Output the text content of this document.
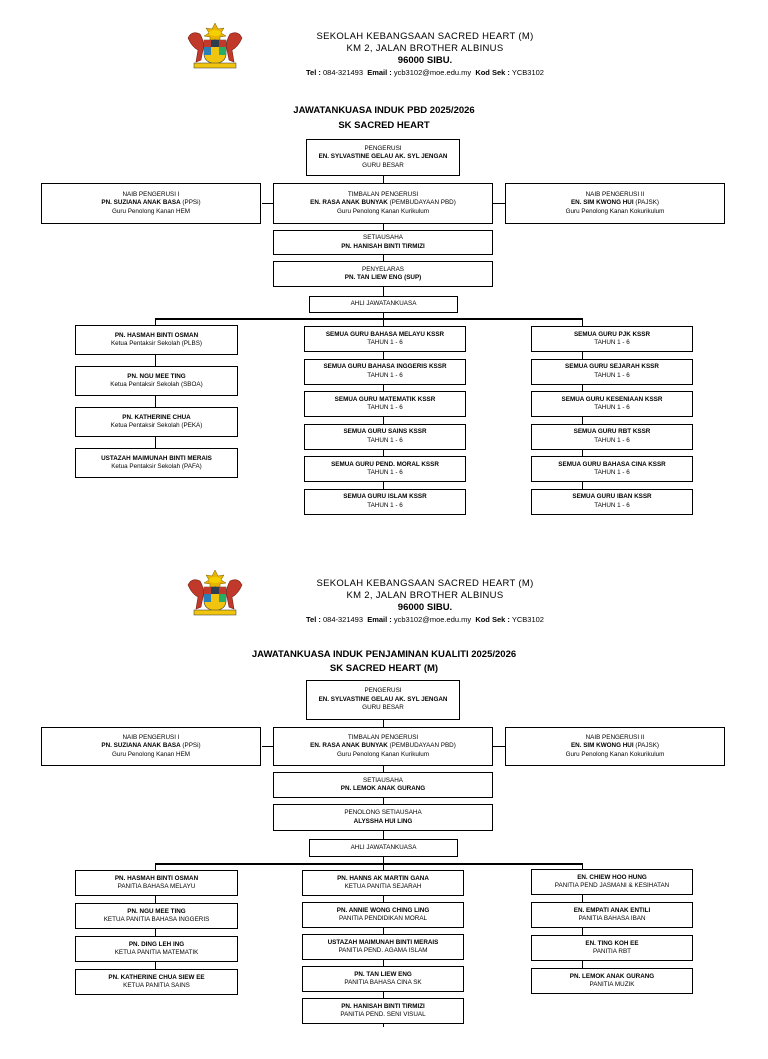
SEKOLAH KEBANGSAAN SACRED HEART (M)
KM 2, JALAN BROTHER ALBINUS
96000 SIBU.
Tel : 084-321493 Email : ycb3102@moe.edu.my Kod Sek : YCB3102
JAWATANKUASA INDUK PBD 2025/2026
SK SACRED HEART
PENGERUSI
EN. SYLVASTINE GELAU AK. SYL JENGAN
GURU BESAR
NAIB PENGERUSI I
PN. SUZIANA ANAK BASA (PPSi)
Guru Penolong Kanan HEM
TIMBALAN PENGERUSI
EN. RASA ANAK BUNYAK (PEMBUDAYAAN PBD)
Guru Penolong Kanan Kurikulum
NAIB PENGERUSI II
EN. SIM KWONG HUI (PAJSK)
Guru Penolong Kanan Kokurikulum
SETIAUSAHA
PN. HANISAH BINTI TIRMIZI
PENYELARAS
PN. TAN LIEW ENG (SUP)
AHLI JAWATANKUASA
PN. HASMAH BINTI OSMAN
Ketua Pentaksir Sekolah (PLBS)
PN. NGU MEE TING
Ketua Pentaksir Sekolah (SBOA)
PN. KATHERINE CHUA
Ketua Pentaksir Sekolah (PEKA)
USTAZAH MAIMUNAH BINTI MERAIS
Ketua Pentaksir Sekolah (PAFA)
SEMUA GURU BAHASA MELAYU KSSR
TAHUN 1 - 6
SEMUA GURU BAHASA INGGERIS KSSR
TAHUN 1 - 6
SEMUA GURU MATEMATIK KSSR
TAHUN 1 - 6
SEMUA GURU SAINS KSSR
TAHUN 1 - 6
SEMUA GURU PEND. MORAL KSSR
TAHUN 1 - 6
SEMUA GURU ISLAM KSSR
TAHUN 1 - 6
SEMUA GURU PJK KSSR
TAHUN 1 - 6
SEMUA GURU SEJARAH KSSR
TAHUN 1 - 6
SEMUA GURU KESENIAAN KSSR
TAHUN 1 - 6
SEMUA GURU RBT KSSR
TAHUN 1 - 6
SEMUA GURU BAHASA CINA KSSR
TAHUN 1 - 6
SEMUA GURU IBAN KSSR
TAHUN 1 - 6
SEKOLAH KEBANGSAAN SACRED HEART (M)
KM 2, JALAN BROTHER ALBINUS
96000 SIBU.
Tel : 084-321493 Email : ycb3102@moe.edu.my Kod Sek : YCB3102
JAWATANKUASA INDUK PENJAMINAN KUALITI 2025/2026
SK SACRED HEART (M)
PENGERUSI
EN. SYLVASTINE GELAU AK. SYL JENGAN
GURU BESAR
NAIB PENGERUSI I
PN. SUZIANA ANAK BASA (PPSi)
Guru Penolong Kanan HEM
TIMBALAN PENGERUSI
EN. RASA ANAK BUNYAK (PEMBUDAYAAN PBD)
Guru Penolong Kanan Kurikulum
NAIB PENGERUSI II
EN. SIM KWONG HUI (PAJSK)
Guru Penolong Kanan Kokurikulum
SETIAUSAHA
PN. LEMOK ANAK GURANG
PENOLONG SETIAUSAHA
ALYSSHA HUI LING
AHLI JAWATANKUASA
PN. HASMAH BINTI OSMAN
PANITIA BAHASA MELAYU
PN. NGU MEE TING
KETUA PANITIA BAHASA INGGERIS
PN. DING LEH ING
KETUA PANITIA MATEMATIK
PN. KATHERINE CHUA SIEW EE
KETUA PANITIA SAINS
PN. HANNS AK MARTIN GANA
KETUA PANITIA SEJARAH
PN. ANNIE WONG CHING LING
PANITIA PENDIDIKAN MORAL
USTAZAH MAIMUNAH BINTI MERAIS
PANITIA PEND. AGAMA ISLAM
PN. TAN LIEW ENG
PANITIA BAHASA CINA SK
PN. HANISAH BINTI TIRMIZI
PANITIA PEND. SENI VISUAL
EN. CHIEW HOO HUNG
PANITIA PEND JASMANI & KESIHATAN
EN. EMPATI ANAK ENTILI
PANITIA BAHASA IBAN
EN. TING KOH EE
PANITIA RBT
PN. LEMOK ANAK GURANG
PANITIA MUZIK
